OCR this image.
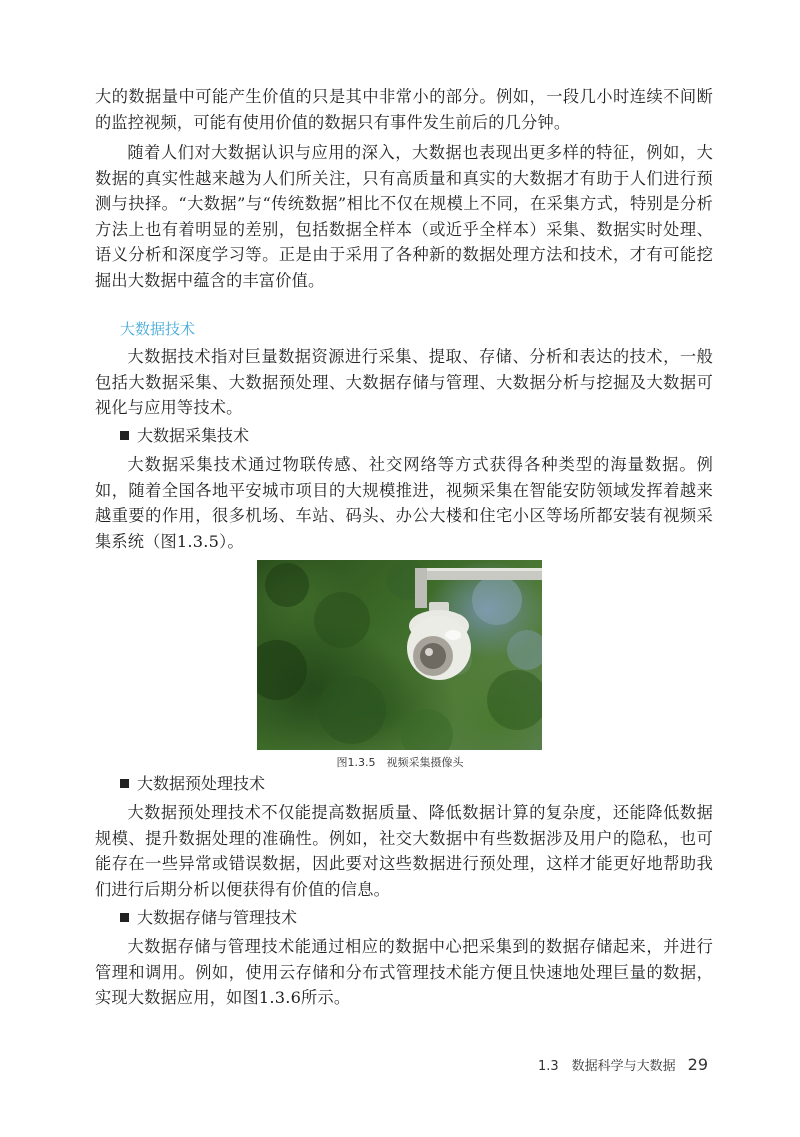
大的数据量中可能产生价值的只是其中非常小的部分。例如，一段几小时连续不间断的监控视频，可能有使用价值的数据只有事件发生前后的几分钟。

随着人们对大数据认识与应用的深入，大数据也表现出更多样的特征，例如，大数据的真实性越来越为人们所关注，只有高质量和真实的大数据才有助于人们进行预测与抉择。“大数据”与“传统数据”相比不仅在规模上不同，在采集方式，特别是分析方法上也有着明显的差别，包括数据全样本（或近乎全样本）采集、数据实时处理、语义分析和深度学习等。正是由于采用了各种新的数据处理方法和技术，才有可能挖掘出大数据中蕴含的丰富价值。

大数据技术

大数据技术指对巨量数据资源进行采集、提取、存储、分析和表达的技术，一般包括大数据采集、大数据预处理、大数据存储与管理、大数据分析与挖掘及大数据可视化与应用等技术。

大数据采集技术

大数据采集技术通过物联传感、社交网络等方式获得各种类型的海量数据。例如，随着全国各地平安城市项目的大规模推进，视频采集在智能安防领域发挥着越来越重要的作用，很多机场、车站、码头、办公大楼和住宅小区等场所都安装有视频采集系统（图1.3.5）。

图1.3.5　视频采集摄像头
大数据预处理技术

大数据预处理技术不仅能提高数据质量、降低数据计算的复杂度，还能降低数据规模、提升数据处理的准确性。例如，社交大数据中有些数据涉及用户的隐私，也可能存在一些异常或错误数据，因此要对这些数据进行预处理，这样才能更好地帮助我们进行后期分析以便获得有价值的信息。

大数据存储与管理技术

大数据存储与管理技术能通过相应的数据中心把采集到的数据存储起来，并进行管理和调用。例如，使用云存储和分布式管理技术能方便且快速地处理巨量的数据，实现大数据应用，如图1.3.6所示。

1.3　数据科学与大数据 29
